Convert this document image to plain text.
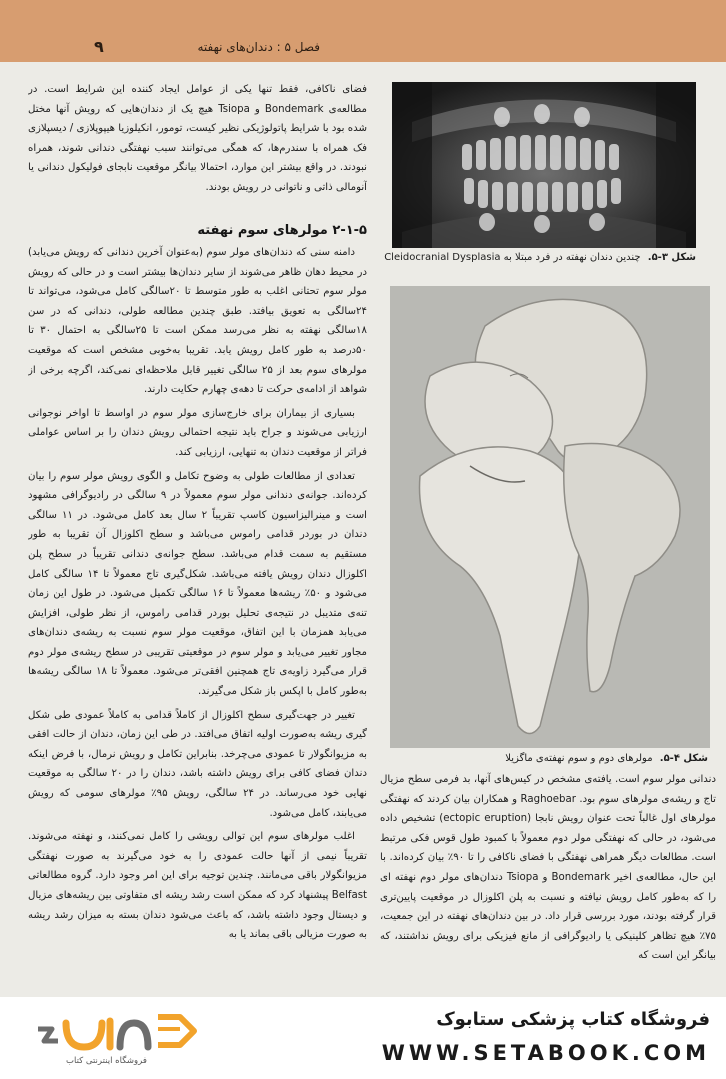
فصل ۵ : دندان‌های نهفته
۹

فضای ناکافی، فقط تنها یکی از عوامل ایجاد کننده این شرایط است. در مطالعه‌ی Bondemark و Tsiopa هیچ یک از دندان‌هایی که رویش آنها مختل شده بود با شرایط پاتولوژیکی نظیر کیست، تومور، انکیلوزیا هیپوپلازی / دیسپلازی فک همراه با سندرم‌ها، که همگی می‌توانند سبب نهفتگی دندانی شوند، همراه نبودند. در واقع بیشتر این موارد، احتمالا بیانگر موقعیت نابجای فولیکول دندانی یا آنومالی ذاتی و ناتوانی در رویش بودند.

۲-۱-۵ مولرهای سوم نهفته

دامنه سنی که دندان‌های مولر سوم (به‌عنوان آخرین دندانی که رویش می‌یابد) در محیط دهان ظاهر می‌شوند از سایر دندان‌ها بیشتر است و در حالی که رویش مولر سوم تحتانی اغلب به طور متوسط تا ۲۰سالگی کامل می‌شود، می‌تواند تا ۲۴سالگی به تعویق بیافتد. طبق چندین مطالعه طولی، دندانی که در سن ۱۸سالگی نهفته به نظر می‌رسد ممکن است تا ۲۵سالگی به احتمال ۳۰ تا ۵۰درصد به طور کامل رویش یابد. تقریبا به‌خوبی مشخص است که موقعیت مولرهای سوم بعد از ۲۵ سالگی تغییر قابل ملاحظه‌ای نمی‌کند، اگرچه برخی از شواهد از ادامه‌ی حرکت تا دهه‌ی چهارم حکایت دارند.

بسیاری از بیماران برای خارج‌سازی مولر سوم در اواسط تا اواخر نوجوانی ارزیابی می‌شوند و جراح باید نتیجه احتمالی رویش دندان را بر اساس عواملی فراتر از موقعیت دندان به تنهایی، ارزیابی کند.

تعدادی از مطالعات طولی به وضوح تکامل و الگوی رویش مولر سوم را بیان کرده‌اند. جوانه‌ی دندانی مولر سوم معمولاً در ۹ سالگی در رادیوگرافی مشهود است و مینرالیزاسیون کاسپ تقریباً ۲ سال بعد کامل می‌شود. در ۱۱ سالگی دندان در بوردر قدامی راموس می‌باشد و سطح اکلوزال آن تقریبا به طور مستقیم به سمت قدام می‌باشد. سطح جوانه‌ی دندانی تقریباً در سطح پلن اکلوزال دندان رویش یافته می‌باشد. شکل‌گیری تاج معمولاً تا ۱۴ سالگی کامل می‌شود و ۵۰٪ ریشه‌ها معمولاً تا ۱۶ سالگی تکمیل می‌شود. در طول این زمان تنه‌ی متدیبل در نتیجه‌ی تحلیل بوردر قدامی راموس، از نظر طولی، افزایش می‌یابد همزمان با این اتفاق، موقعیت مولر سوم نسبت به ریشه‌ی دندان‌های مجاور تغییر می‌یابد و مولر سوم در موقعیتی تقریبی در سطح ریشه‌ی مولر دوم قرار می‌گیرد زاویه‌ی تاج همچنین افقی‌تر می‌شود. معمولاً تا ۱۸ سالگی ریشه‌ها به‌طور کامل با اپکس باز شکل می‌گیرند.

تغییر در جهت‌گیری سطح اکلوزال از کاملاً قدامی به کاملاً عمودی طی شکل گیری ریشه به‌صورت اولیه اتفاق می‌افتد. در طی این زمان، دندان از حالت افقی به مزیوانگولار تا عمودی می‌چرخد. بنابراین تکامل و رویش نرمال، با فرض اینکه دندان فضای کافی برای رویش داشته باشد، دندان را در ۲۰ سالگی به موقعیت نهایی خود می‌رساند. در ۲۴ سالگی، رویش ۹۵٪ مولرهای سومی که رویش می‌یابند، کامل می‌شود.

اغلب مولرهای سوم این توالی رویشی را کامل نمی‌کنند، و نهفته می‌شوند. تقریباً نیمی از آنها حالت عمودی را به خود می‌گیرند به صورت نهفتگی مزیوانگولار باقی می‌مانند. چندین توجیه برای این امر وجود دارد. گروه مطالعاتی Belfast پیشنهاد کرد که ممکن است رشد ریشه ای متفاوتی بین ریشه‌های مزیال و دیستال وجود داشته باشد، که باعث می‌شود دندان بسته به میزان رشد ریشه به صورت مزیالی باقی بماند یا به

شکل ۳-۵. چندین دندان نهفته در فرد مبتلا به Cleidocranial Dysplasia
شکل ۴-۵. مولرهای دوم و سوم نهفته‌ی ماگزیلا

دندانی مولر سوم است. یافته‌ی مشخص در کیس‌های آنها، بد فرمی سطح مزیال تاج و ریشه‌ی مولرهای سوم بود. Raghoebar و همکاران بیان کردند که نهفتگی مولرهای اول غالباً تحت عنوان رویش نابجا (ectopic eruption) تشخیص داده می‌شود، در حالی که نهفتگی مولر دوم معمولاً با کمبود طول قوس فکی مرتبط است. مطالعات دیگر همراهی نهفتگی با فضای ناکافی را تا ۹۰٪ بیان کرده‌اند. با این حال، مطالعه‌ی اخیر Bondemark و Tsiopa دندان‌های مولر دوم نهفته ای را که به‌طور کامل رویش نیافته و نسبت به پلن اکلوزال در موقعیت پایین‌تری قرار گرفته بودند، مورد بررسی قرار داد. در بین دندان‌های نهفته در این جمعیت، ۷۵٪ هیچ تظاهر کلینیکی یا رادیوگرافی از مانع فیزیکی برای رویش نداشتند، که بیانگر این است که

فروشگاه اینترنتی کتاب
فروشگاه کتاب پزشکی ستابوک
WWW.SETABOOK.COM
